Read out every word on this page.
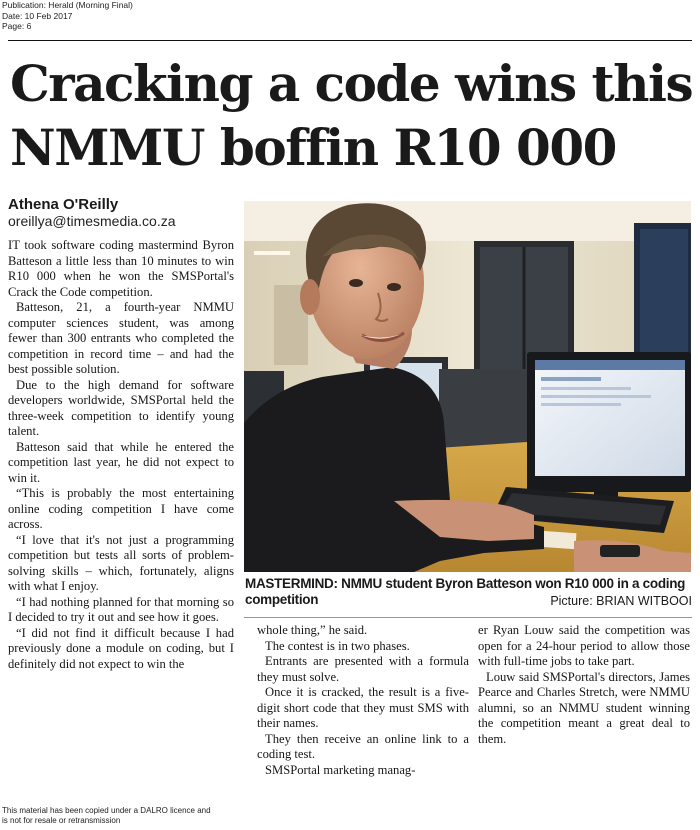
Publication: Herald (Morning Final)
Date: 10 Feb 2017
Page: 6
Cracking a code wins this
NMMU boffin R10 000
Athena O'Reilly
oreillya@timesmedia.co.za

IT took software coding mastermind Byron Batteson a little less than 10 minutes to win R10 000 when he won the SMSPortal's Crack the Code competition.

Batteson, 21, a fourth-year NMMU computer sciences student, was among fewer than 300 entrants who completed the competition in record time – and had the best possible solution.

Due to the high demand for software developers worldwide, SMSPortal held the three-week competition to identify young talent.

Batteson said that while he entered the competition last year, he did not expect to win it.

“This is probably the most entertaining online coding competition I have come across.

“I love that it's not just a programming competition but tests all sorts of problem-solving skills – which, fortunately, aligns with what I enjoy.

“I had nothing planned for that morning so I decided to try it out and see how it goes.

“I did not find it difficult because I had previously done a module on coding, but I definitely did not expect to win the

MASTERMIND: NMMU student Byron Batteson won R10 000 in a coding competition	Picture: BRIAN WITBOOI

whole thing,” he said.

The contest is in two phases.

Entrants are presented with a formula they must solve.

Once it is cracked, the result is a five-digit short code that they must SMS with their names.

They then receive an online link to a coding test.

SMSPortal marketing manag-

er Ryan Louw said the competition was open for a 24-hour period to allow those with full-time jobs to take part.

Louw said SMSPortal's directors, James Pearce and Charles Stretch, were NMMU alumni, so an NMMU student winning the competition meant a great deal to them.

This material has been copied under a DALRO licence and
is not for resale or retransmission
